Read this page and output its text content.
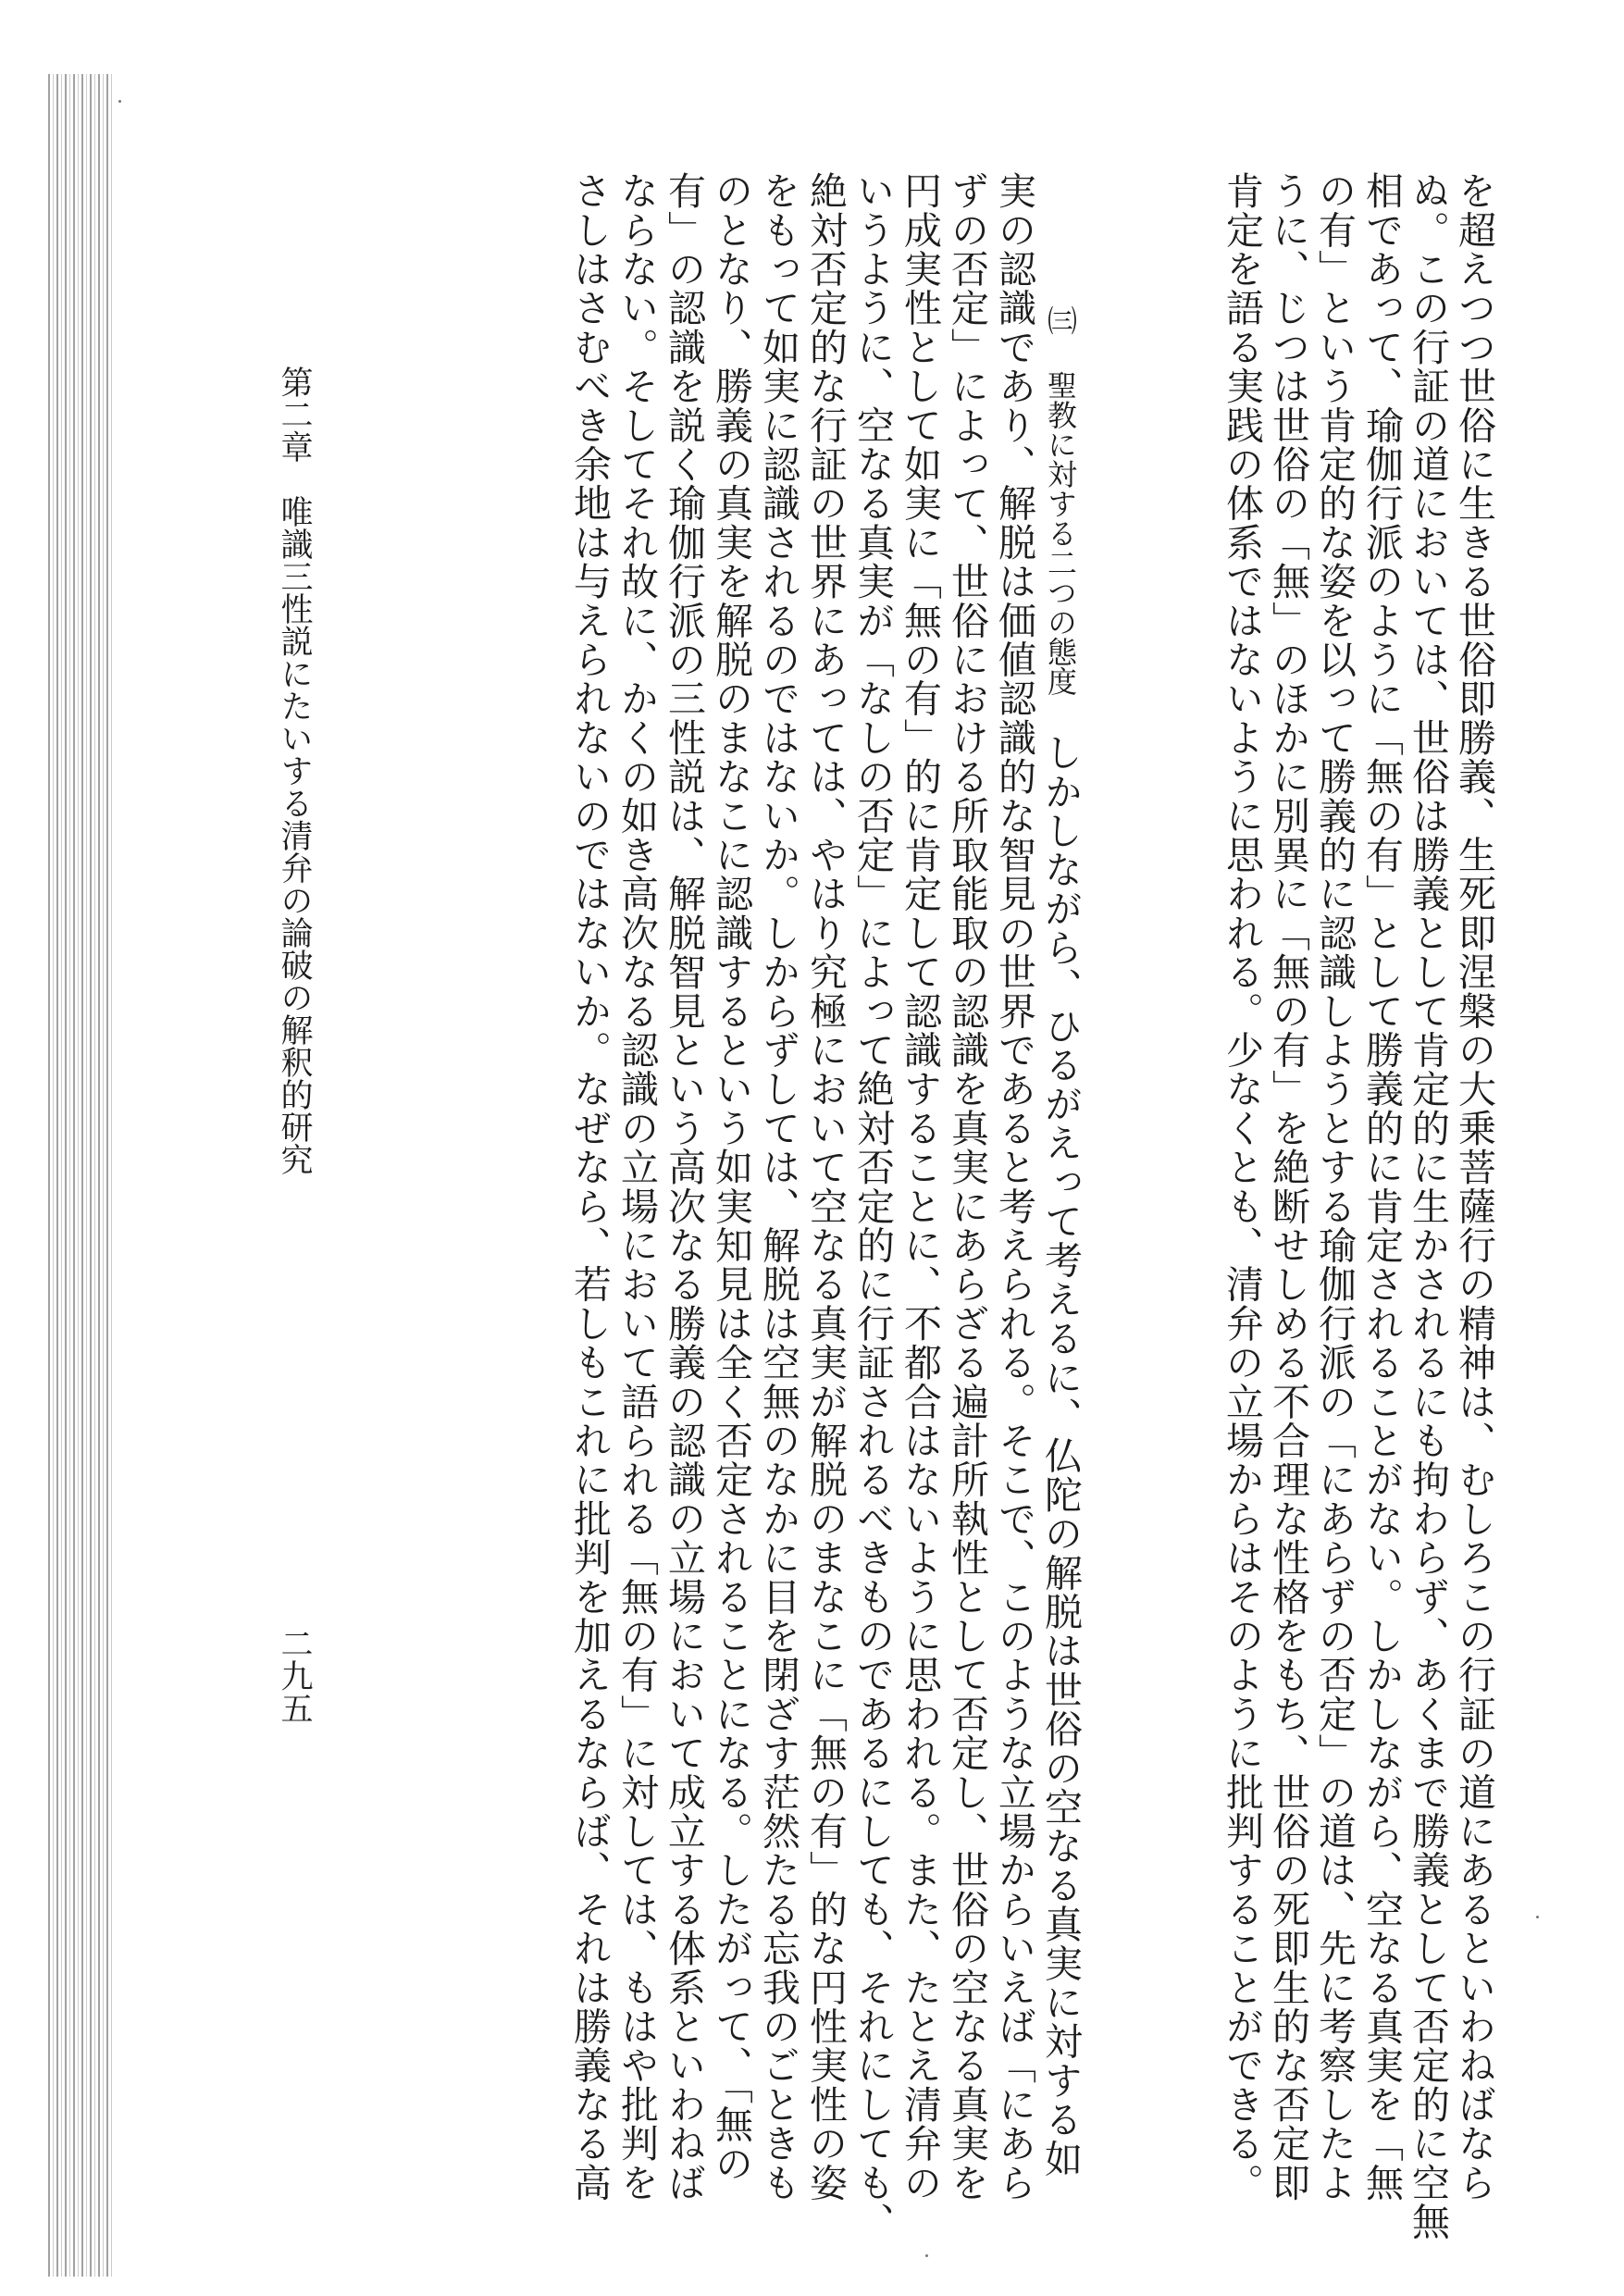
を超えつつ世俗に生きる世俗即勝義、生死即涅槃の大乗菩薩行の精神は、むしろこの行証の道にあるといわねばなら
ぬ。この行証の道においては、世俗は勝義として肯定的に生かされるにも拘わらず、あくまで勝義として否定的に空無
相であって、瑜伽行派のように「無の有」として勝義的に肯定されることがない。しかしながら、空なる真実を「無
の有」という肯定的な姿を以って勝義的に認識しようとする瑜伽行派の「にあらずの否定」の道は、先に考察したよ
うに、じつは世俗の「無」のほかに別異に「無の有」を絶断せしめる不合理な性格をもち、世俗の死即生的な否定即
肯定を語る実践の体系ではないように思われる。少なくとも、清弁の立場からはそのように批判することができる。
実の認識であり、解脱は価値認識的な智見の世界であると考えられる。そこで、このような立場からいえば「にあら
ずの否定」によって、世俗における所取能取の認識を真実にあらざる遍計所執性として否定し、世俗の空なる真実を
円成実性として如実に「無の有」的に肯定して認識することに、不都合はないように思われる。また、たとえ清弁の
いうように、空なる真実が「なしの否定」によって絶対否定的に行証されるべきものであるにしても、それにしても、
絶対否定的な行証の世界にあっては、やはり究極において空なる真実が解脱のまなこに「無の有」的な円性実性の姿
をもって如実に認識されるのではないか。しからずしては、解脱は空無のなかに目を閉ざす茫然たる忘我のごときも
のとなり、勝義の真実を解脱のまなこに認識するという如実知見は全く否定されることになる。したがって、「無の
有」の認識を説く瑜伽行派の三性説は、解脱智見という高次なる勝義の認識の立場において成立する体系といわねば
ならない。そしてそれ故に、かくの如き高次なる認識の立場において語られる「無の有」に対しては、もはや批判を
さしはさむべき余地は与えられないのではないか。なぜなら、若しもこれに批判を加えるならば、それは勝義なる高	㈢ 聖教に対する二つの態度しかしながら、ひるがえって考えるに、仏陀の解脱は世俗の空なる真実に対する如
第二章　唯識三性説にたいする清弁の論破の解釈的研究
二九五
